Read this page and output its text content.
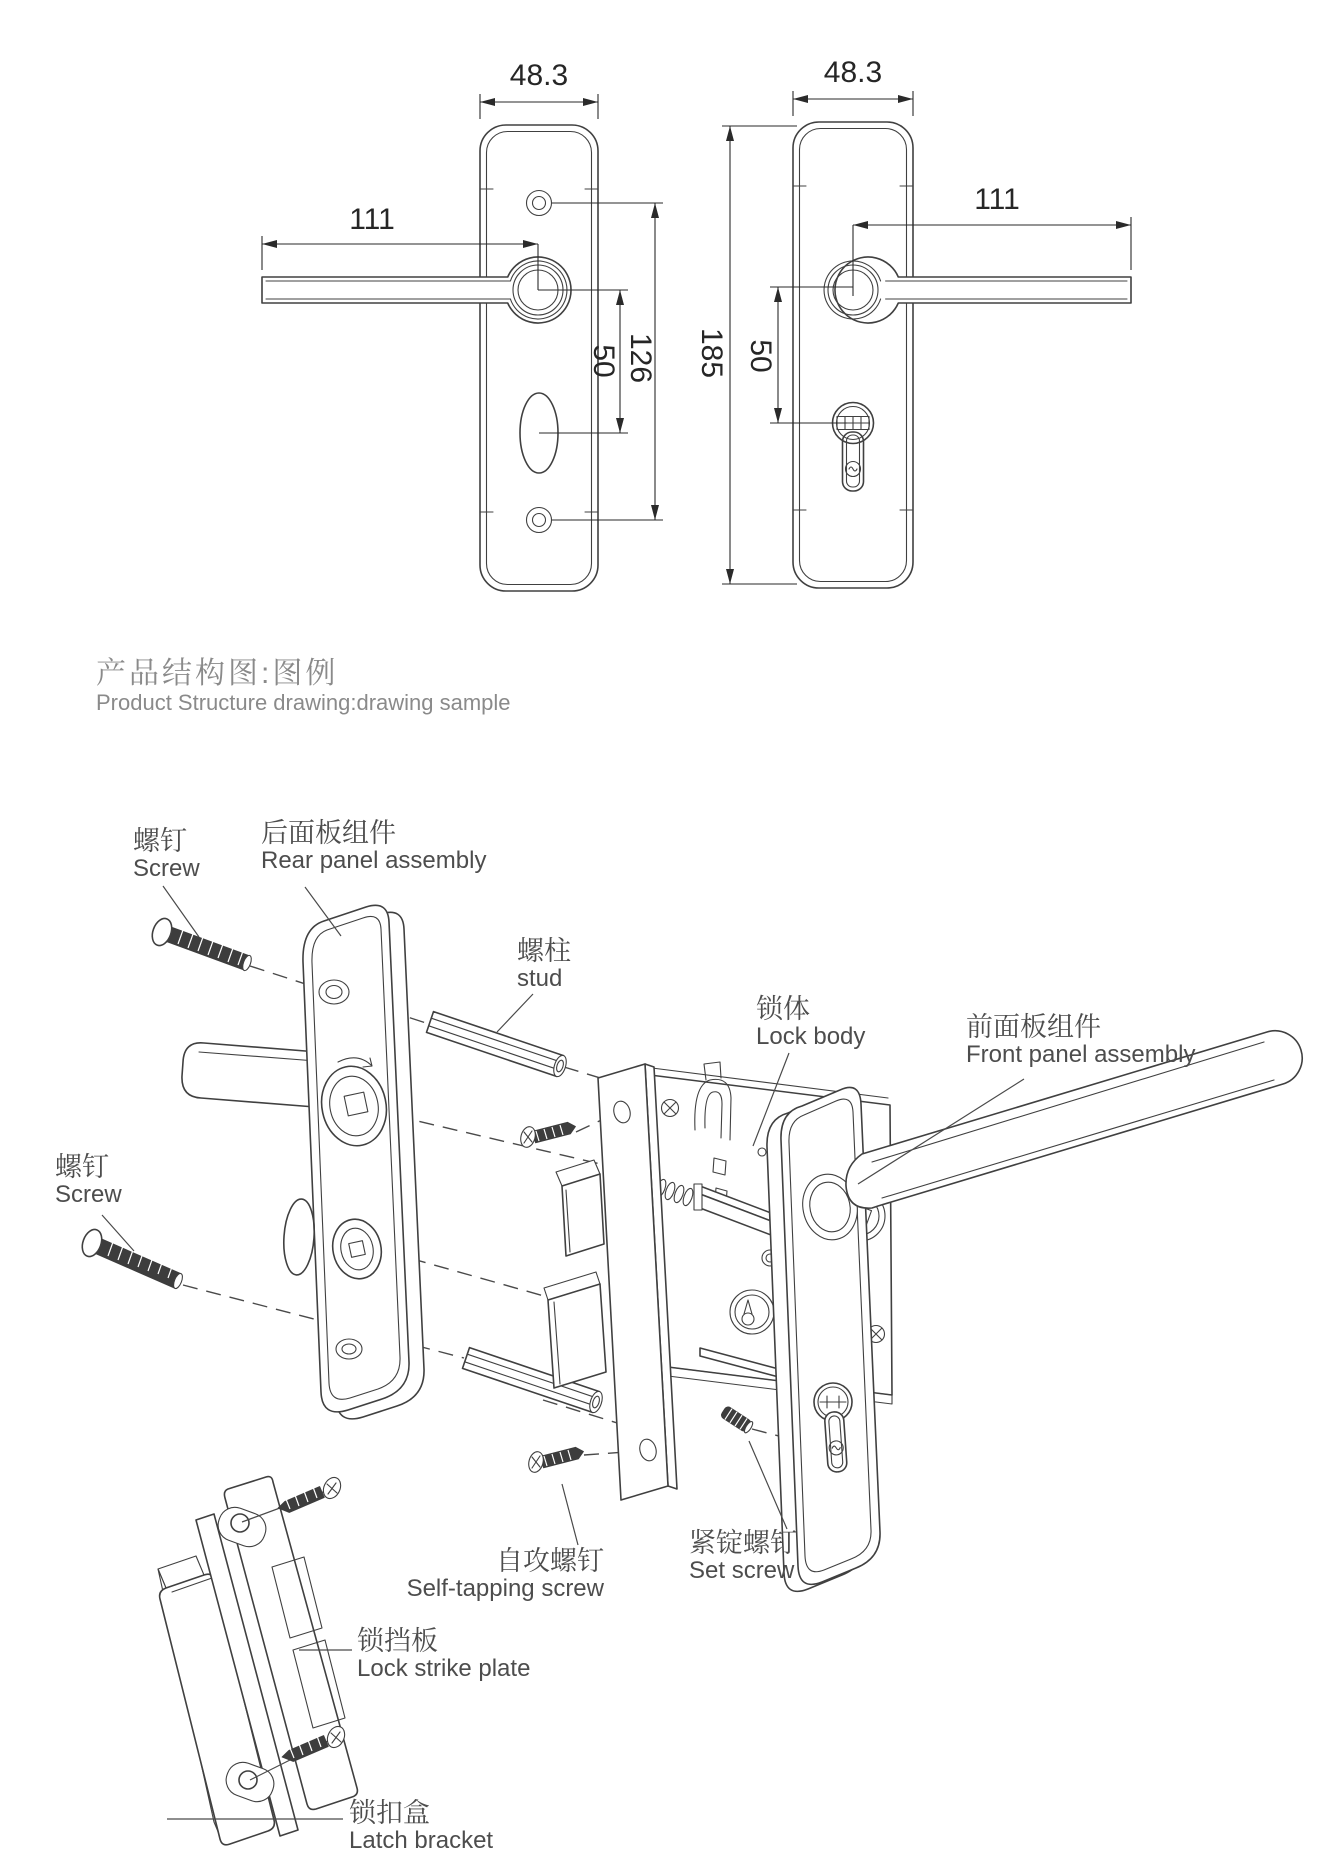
产品结构图:图例
Product Structure drawing:drawing sample
48.3
111
50 126
48.3
111
185 50
螺钉
Screw
后面板组件
Rear panel assembly
螺柱
stud
锁体
Lock body	前面板组件
Front panel assembly
螺钉
Screw
自攻螺钉
Self-tapping screw
紧锭螺钉
Set screw
锁挡板
Lock strike plate
锁扣盒
Latch bracket
